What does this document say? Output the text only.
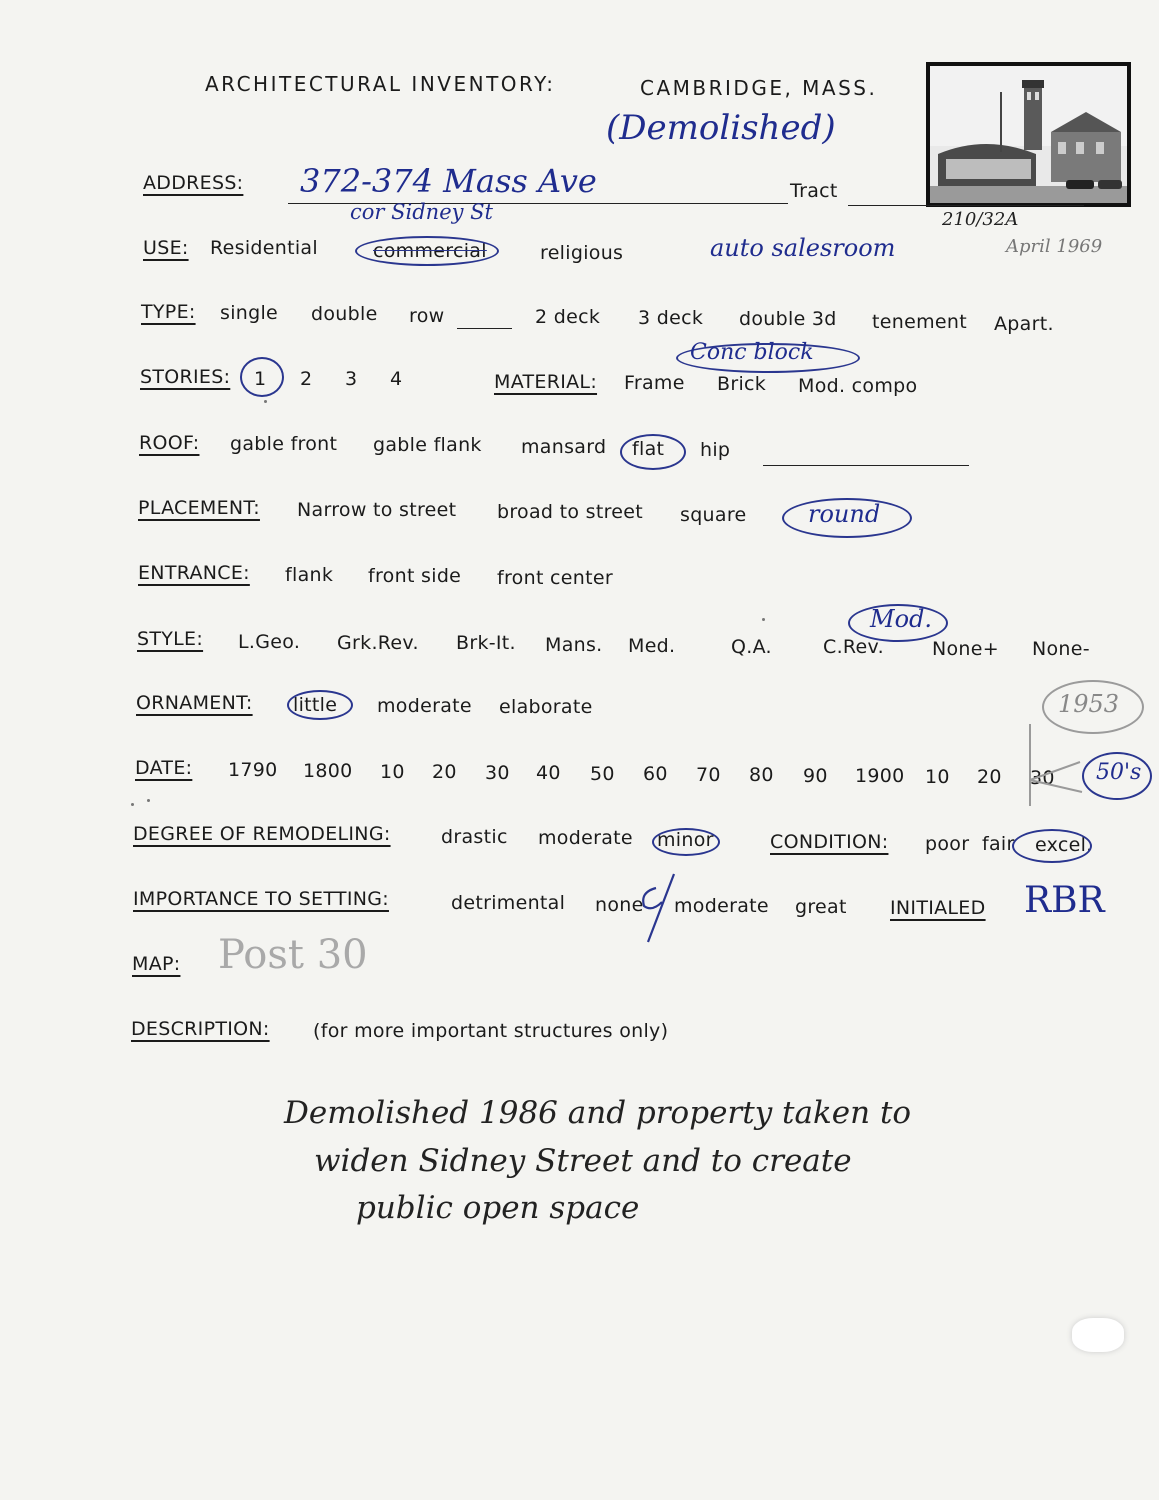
ARCHITECTURAL INVENTORY:	CAMBRIDGE, MASS.
(Demolished)
210/32A
April 1969
ADDRESS: 372-374 Mass Ave
cor Sidney St
Tract
USE: Residential	commercial	religious	auto salesroom
TYPE: single double row	2 deck 3 deck double 3d tenement Apart.
STORIES: 1 2 3 4	MATERIAL: Frame Brick Mod. compo
Conc block
ROOF: gable front gable flank mansard flat hip
PLACEMENT: Narrow to street broad to street square	round
ENTRANCE: flank front side front center
STYLE: L.Geo. Grk.Rev. Brk-It. Mans. Med.	Q.A.	C.Rev.	None+ None-
Mod.
ORNAMENT: little moderate elaborate
DATE: 1790 1800 10 20 30 40 50 60 70 80 90 1900 10 20 30 50's
1953
DEGREE OF REMODELING:	drastic moderate minor	CONDITION: poor fair excel.
IMPORTANCE TO SETTING:	detrimental none moderate great INITIALED RBR
MAP: Post 30
DESCRIPTION: (for more important structures only)
Demolished 1986 and property taken to
widen Sidney Street and to create
public open space
